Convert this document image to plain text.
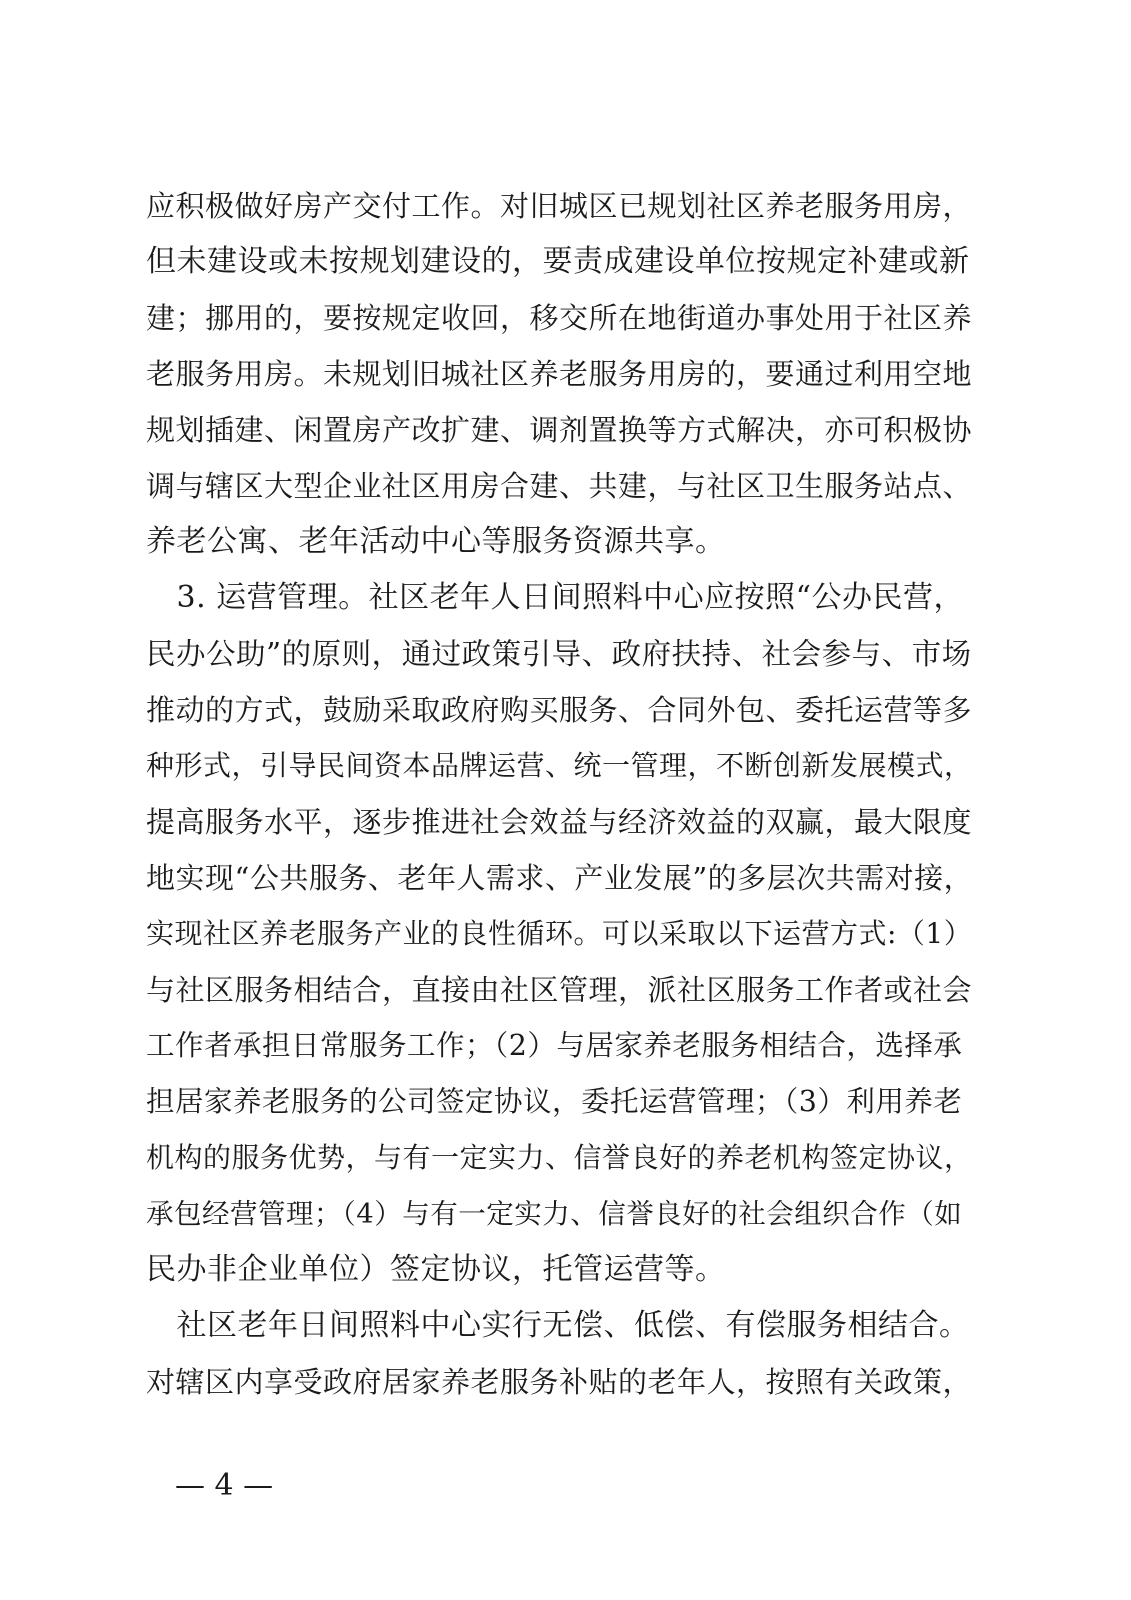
应积极做好房产交付工作。对旧城区已规划社区养老服务用房，
但未建设或未按规划建设的，要责成建设单位按规定补建或新
建；挪用的，要按规定收回，移交所在地街道办事处用于社区养
老服务用房。未规划旧城社区养老服务用房的，要通过利用空地
规划插建、闲置房产改扩建、调剂置换等方式解决，亦可积极协
调与辖区大型企业社区用房合建、共建，与社区卫生服务站点、
养老公寓、老年活动中心等服务资源共享。
　3. 运营管理。社区老年人日间照料中心应按照“公办民营，
民办公助”的原则，通过政策引导、政府扶持、社会参与、市场
推动的方式，鼓励采取政府购买服务、合同外包、委托运营等多
种形式，引导民间资本品牌运营、统一管理，不断创新发展模式，
提高服务水平，逐步推进社会效益与经济效益的双赢，最大限度
地实现“公共服务、老年人需求、产业发展”的多层次共需对接，
实现社区养老服务产业的良性循环。可以采取以下运营方式:（1）
与社区服务相结合，直接由社区管理，派社区服务工作者或社会
工作者承担日常服务工作；（2）与居家养老服务相结合，选择承
担居家养老服务的公司签定协议，委托运营管理；（3）利用养老
机构的服务优势，与有一定实力、信誉良好的养老机构签定协议，
承包经营管理；（4）与有一定实力、信誉良好的社会组织合作（如
民办非企业单位）签定协议，托管运营等。
　社区老年日间照料中心实行无偿、低偿、有偿服务相结合。
对辖区内享受政府居家养老服务补贴的老年人，按照有关政策，
— 4 —
